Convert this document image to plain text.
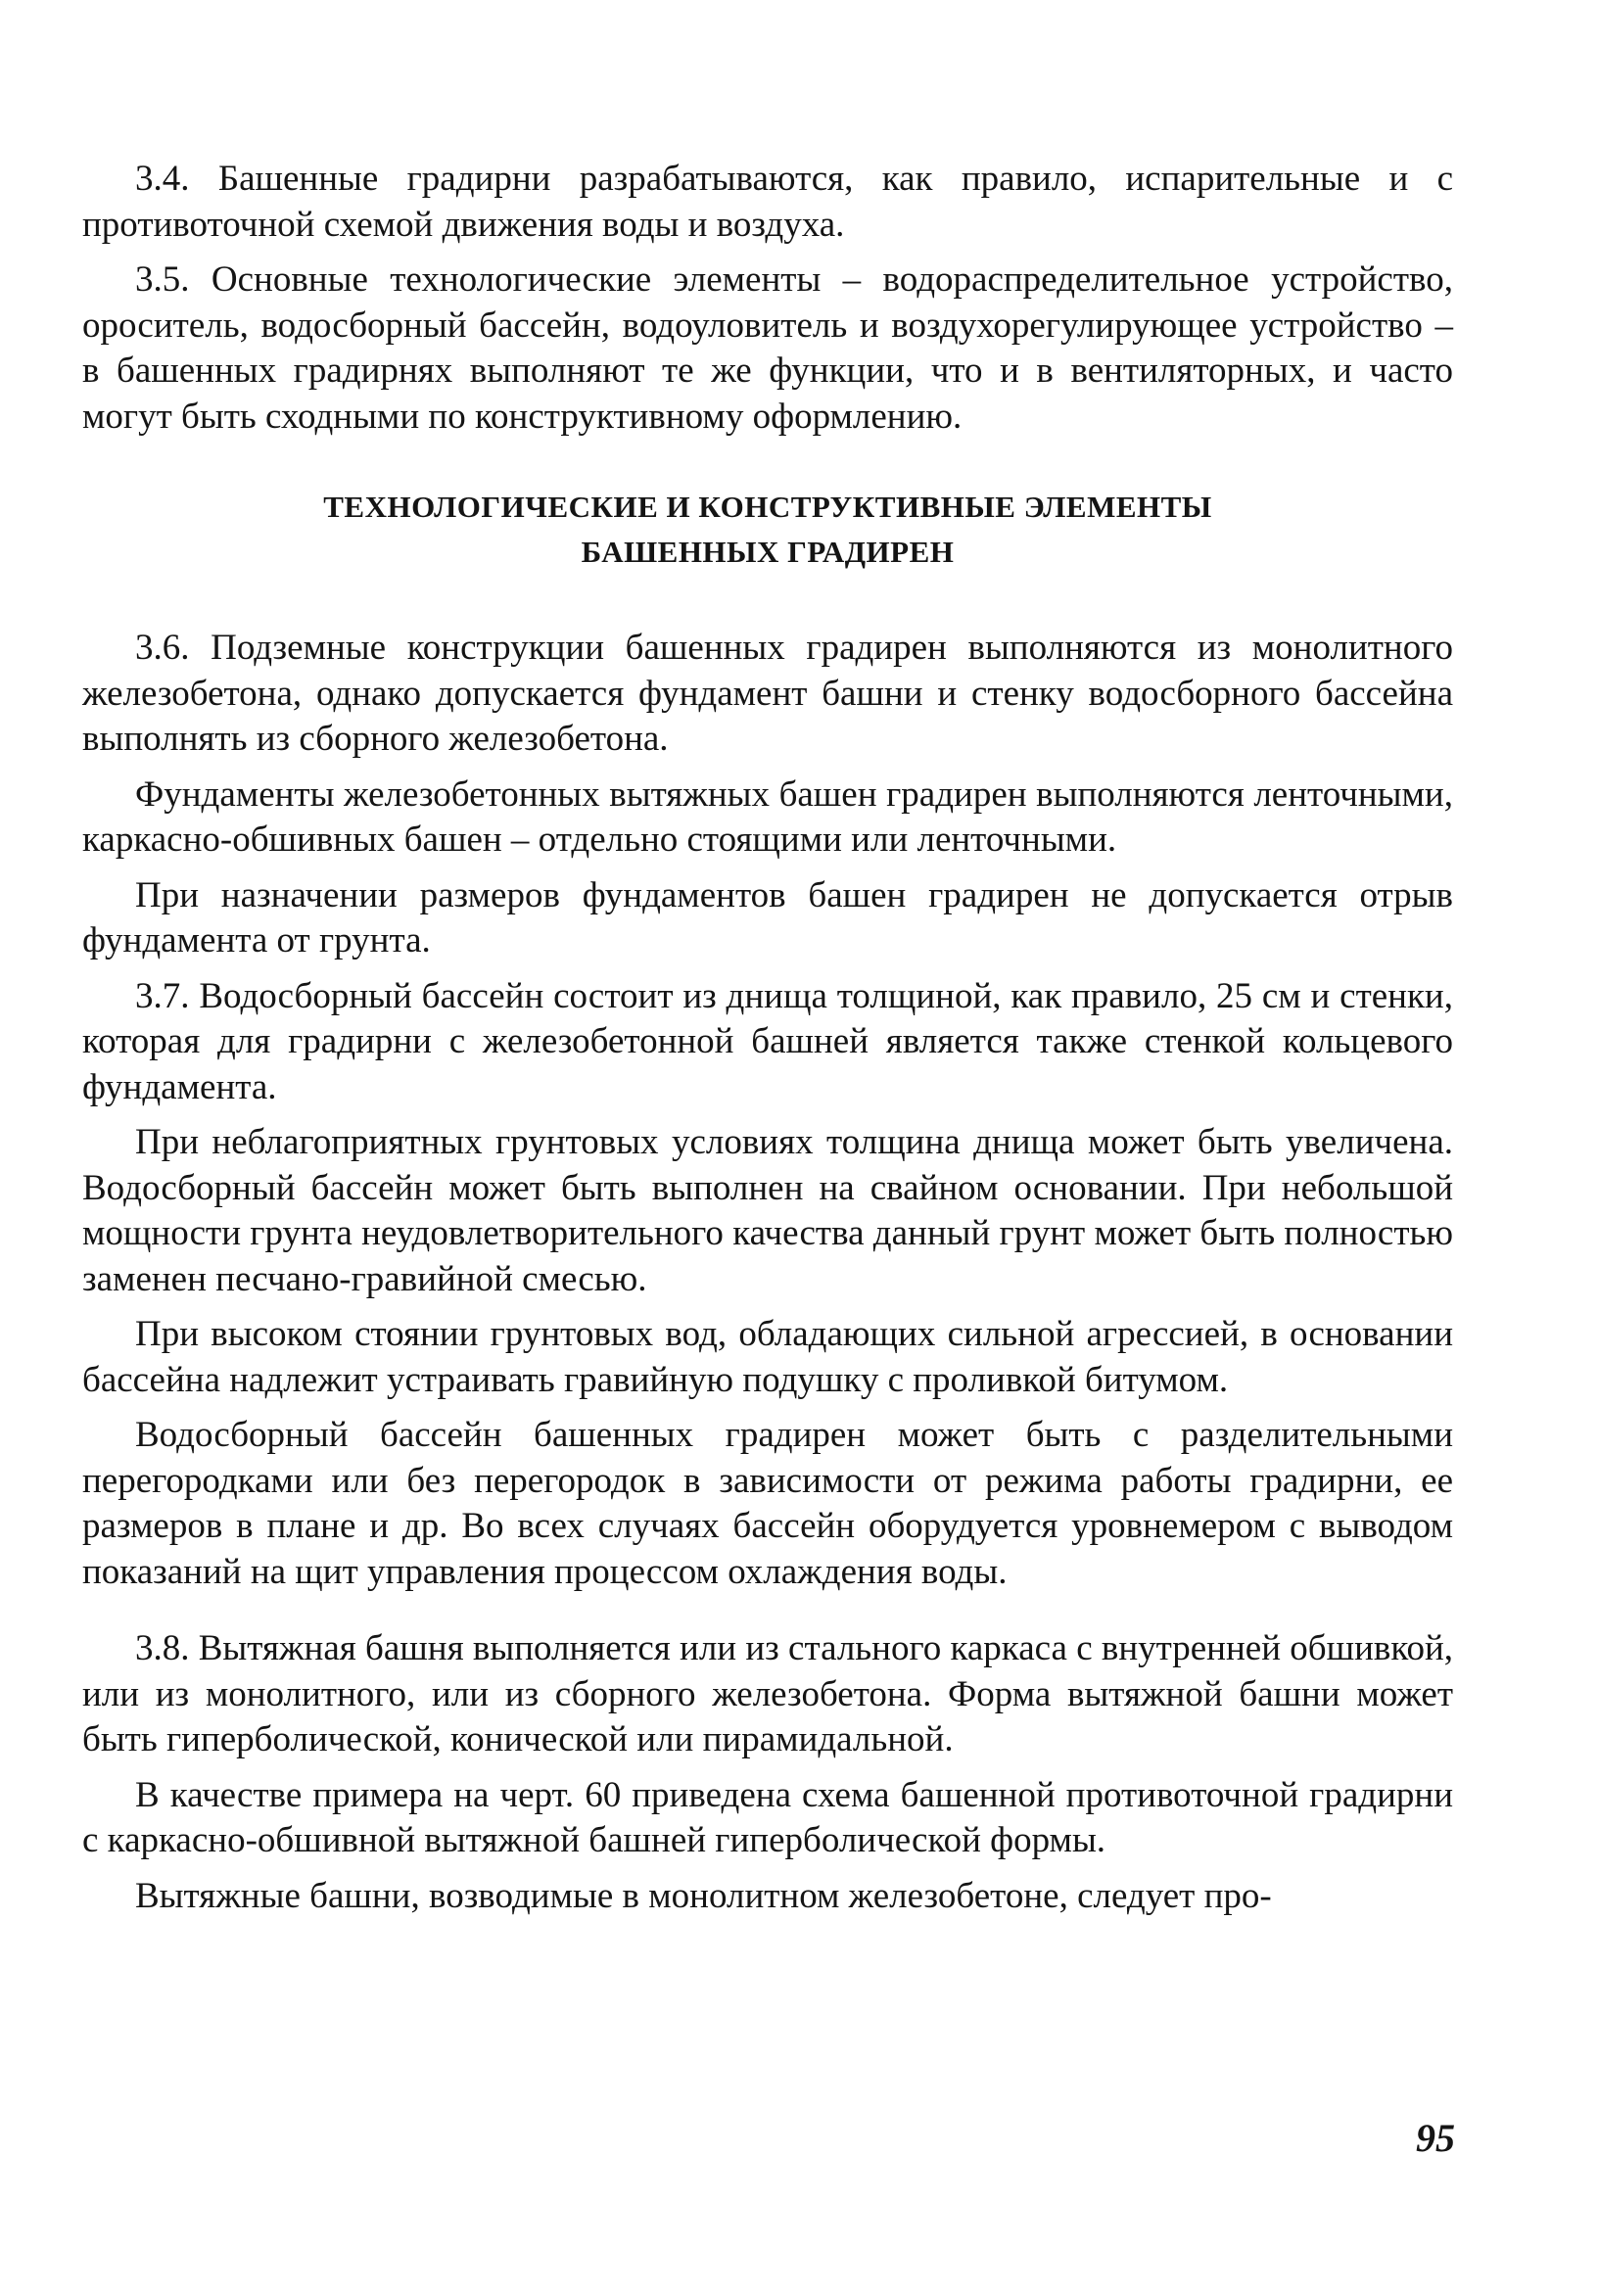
3.4. Башенные градирни разрабатываются, как правило, испарительные и с противоточной схемой движения воды и воздуха.

3.5. Основные технологические элементы – водораспределительное устройство, ороситель, водосборный бассейн, водоуловитель и воздухорегулирующее устройство – в башенных градирнях выполняют те же функции, что и в вентиляторных, и часто могут быть сходными по конструктивному оформлению.

ТЕХНОЛОГИЧЕСКИЕ И КОНСТРУКТИВНЫЕ ЭЛЕМЕНТЫ
БАШЕННЫХ ГРАДИРЕН

3.6. Подземные конструкции башенных градирен выполняются из монолитного железобетона, однако допускается фундамент башни и стенку водосборного бассейна выполнять из сборного железобетона.

Фундаменты железобетонных вытяжных башен градирен выполняются ленточными, каркасно-обшивных башен – отдельно стоящими или ленточными.

При назначении размеров фундаментов башен градирен не допускается отрыв фундамента от грунта.

3.7. Водосборный бассейн состоит из днища толщиной, как правило, 25 см и стенки, которая для градирни с железобетонной башней является также стенкой кольцевого фундамента.

При неблагоприятных грунтовых условиях толщина днища может быть увеличена. Водосборный бассейн может быть выполнен на свайном основании. При небольшой мощности грунта неудовлетворительного качества данный грунт может быть полностью заменен песчано-гравийной смесью.

При высоком стоянии грунтовых вод, обладающих сильной агрессией, в основании бассейна надлежит устраивать гравийную подушку с проливкой битумом.

Водосборный бассейн башенных градирен может быть с разделительными перегородками или без перегородок в зависимости от режима работы градирни, ее размеров в плане и др. Во всех случаях бассейн оборудуется уровнемером с выводом показаний на щит управления процессом охлаждения воды.

3.8. Вытяжная башня выполняется или из стального каркаса с внутренней обшивкой, или из монолитного, или из сборного железобетона. Форма вытяжной башни может быть гиперболической, конической или пирамидальной.

В качестве примера на черт. 60 приведена схема башенной противоточной градирни с каркасно-обшивной вытяжной башней гиперболической формы.

Вытяжные башни, возводимые в монолитном железобетоне, следует про-

95
